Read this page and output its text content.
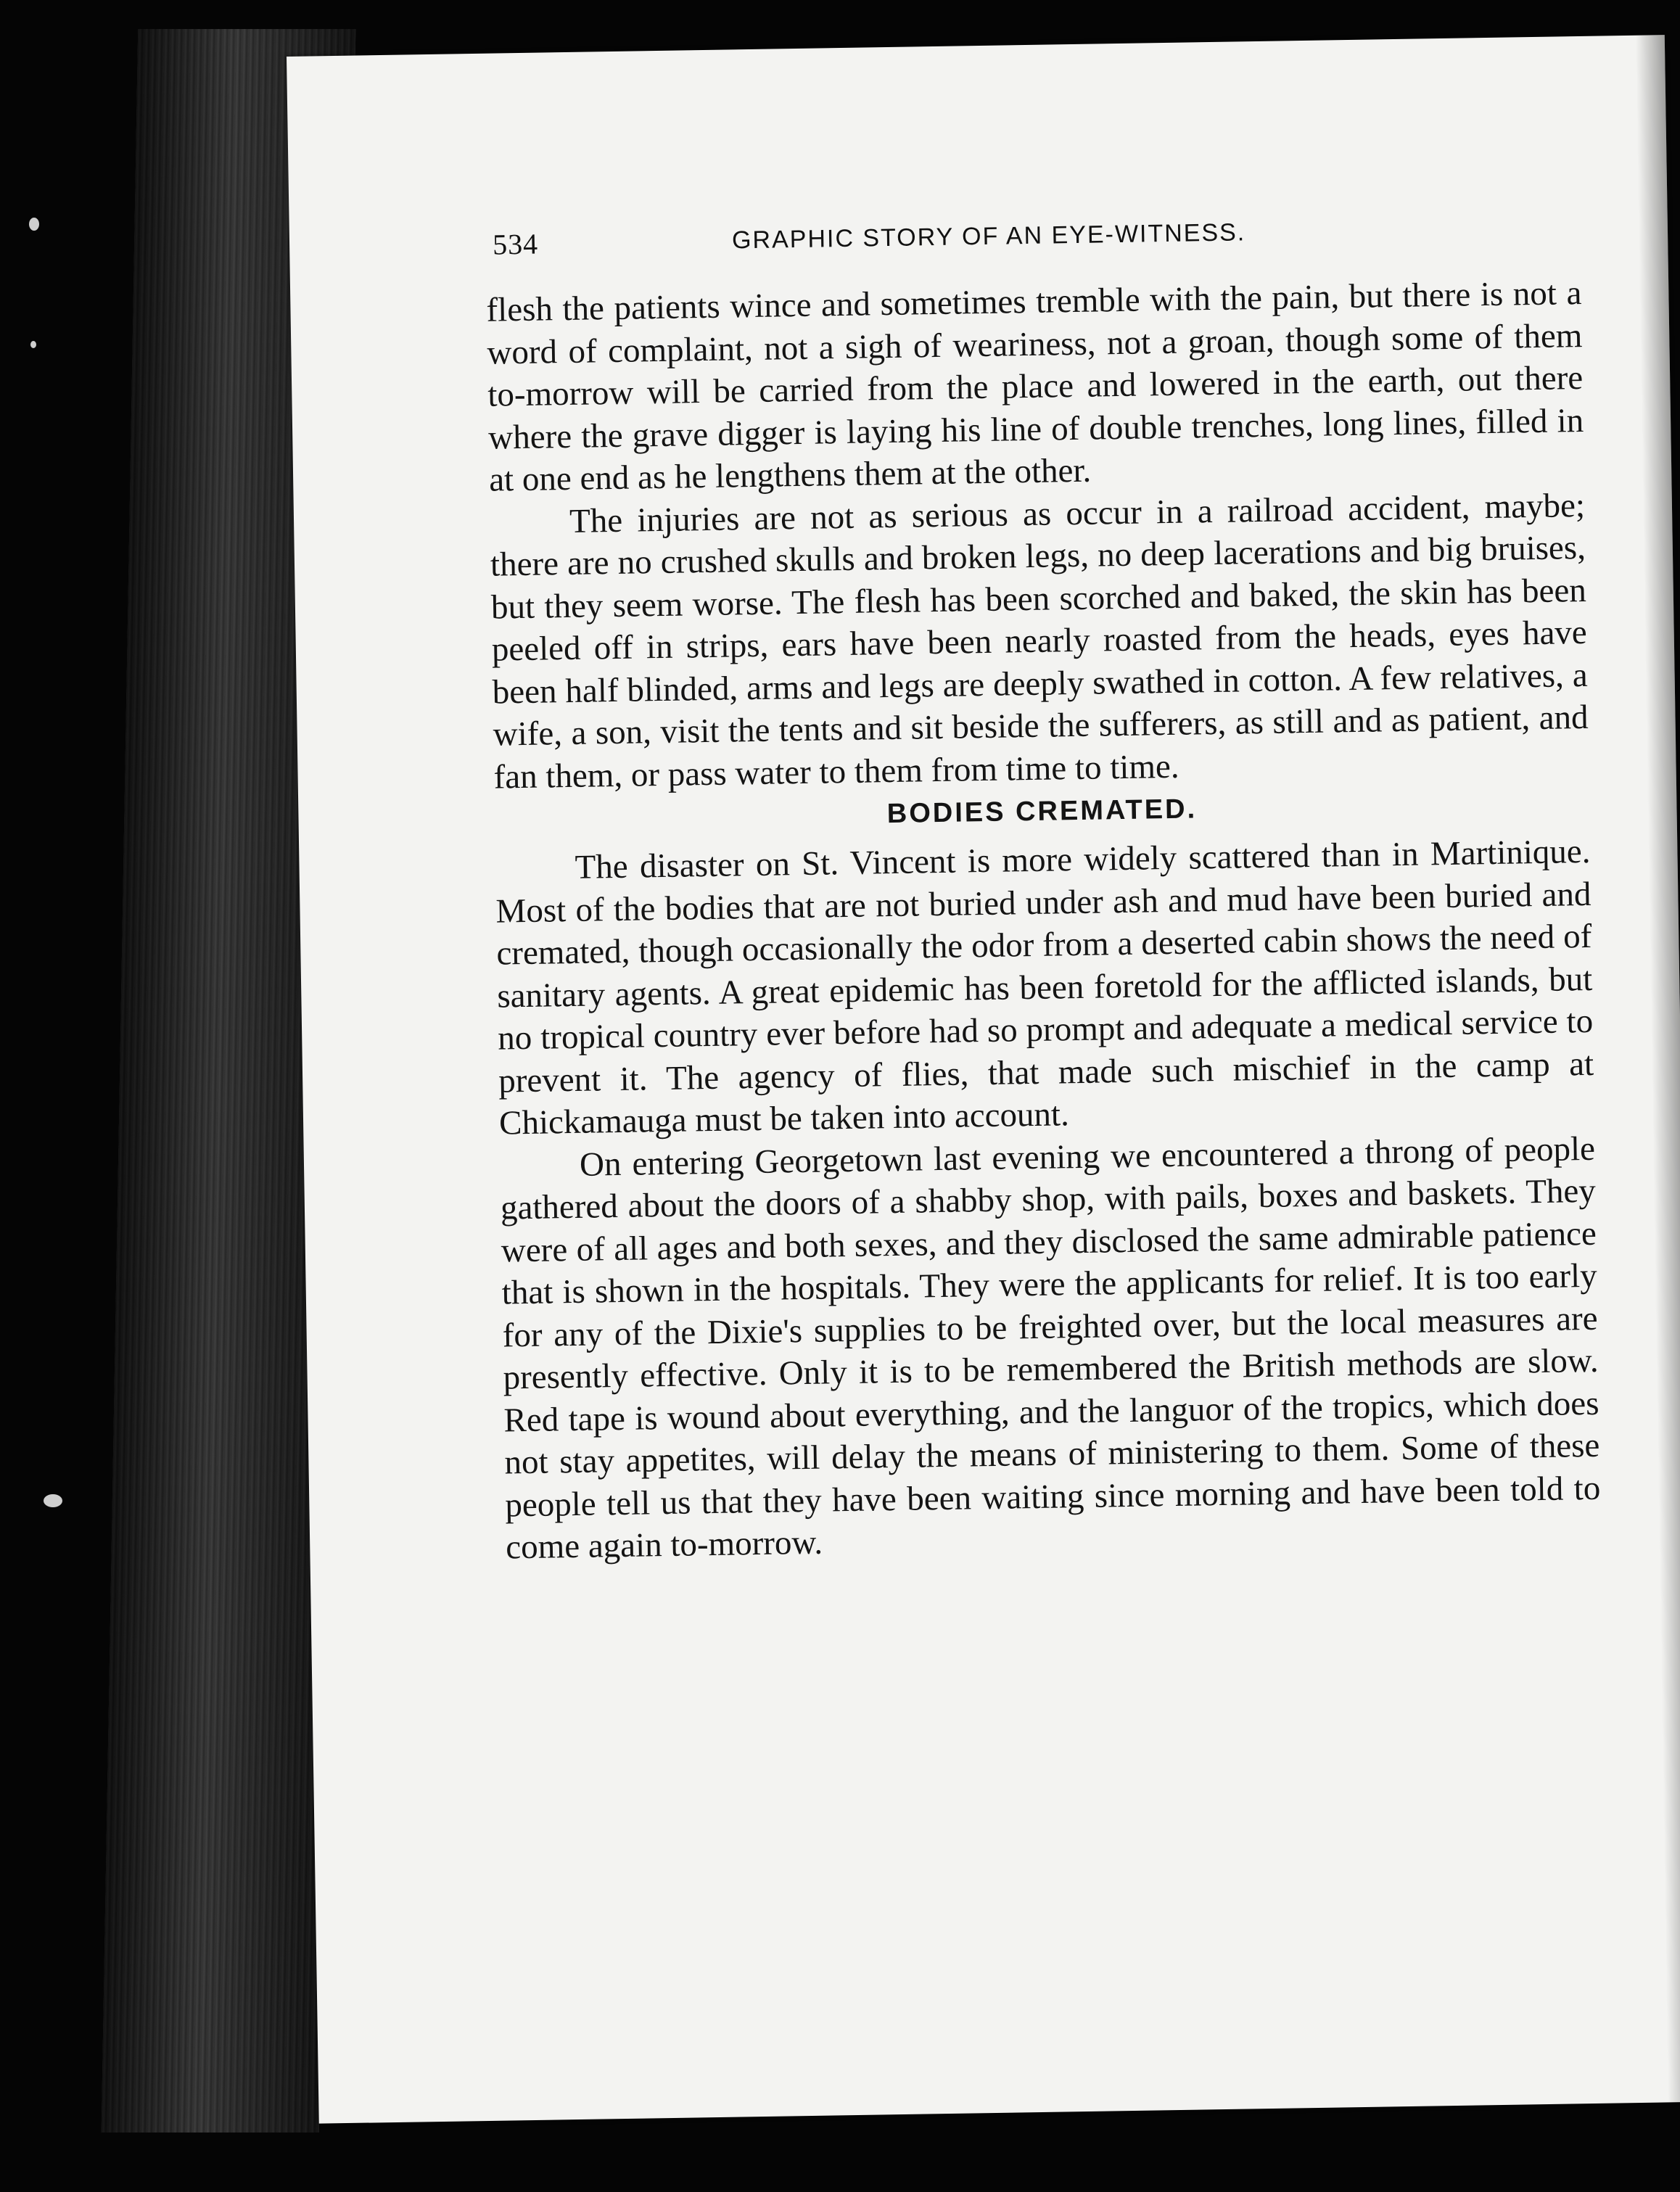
534	GRAPHIC STORY OF AN EYE-WITNESS.

flesh the patients wince and sometimes tremble with the pain, but there is not a word of complaint, not a sigh of weariness, not a groan, though some of them to-morrow will be carried from the place and lowered in the earth, out there where the grave digger is laying his line of double trenches, long lines, filled in at one end as he lengthens them at the other.

The injuries are not as serious as occur in a railroad accident, maybe; there are no crushed skulls and broken legs, no deep lacerations and big bruises, but they seem worse. The flesh has been scorched and baked, the skin has been peeled off in strips, ears have been nearly roasted from the heads, eyes have been half blinded, arms and legs are deeply swathed in cotton. A few relatives, a wife, a son, visit the tents and sit beside the sufferers, as still and as patient, and fan them, or pass water to them from time to time.

BODIES CREMATED.

The disaster on St. Vincent is more widely scattered than in Martinique. Most of the bodies that are not buried under ash and mud have been buried and cremated, though occasionally the odor from a deserted cabin shows the need of sanitary agents. A great epidemic has been foretold for the afflicted islands, but no tropical country ever before had so prompt and adequate a medical service to prevent it. The agency of flies, that made such mischief in the camp at Chickamauga must be taken into account.

On entering Georgetown last evening we encountered a throng of people gathered about the doors of a shabby shop, with pails, boxes and baskets. They were of all ages and both sexes, and they disclosed the same admirable patience that is shown in the hospitals. They were the applicants for relief. It is too early for any of the Dixie's supplies to be freighted over, but the local measures are presently effective. Only it is to be remembered the British methods are slow. Red tape is wound about everything, and the languor of the tropics, which does not stay appetites, will delay the means of ministering to them. Some of these people tell us that they have been waiting since morning and have been told to come again to-morrow.
